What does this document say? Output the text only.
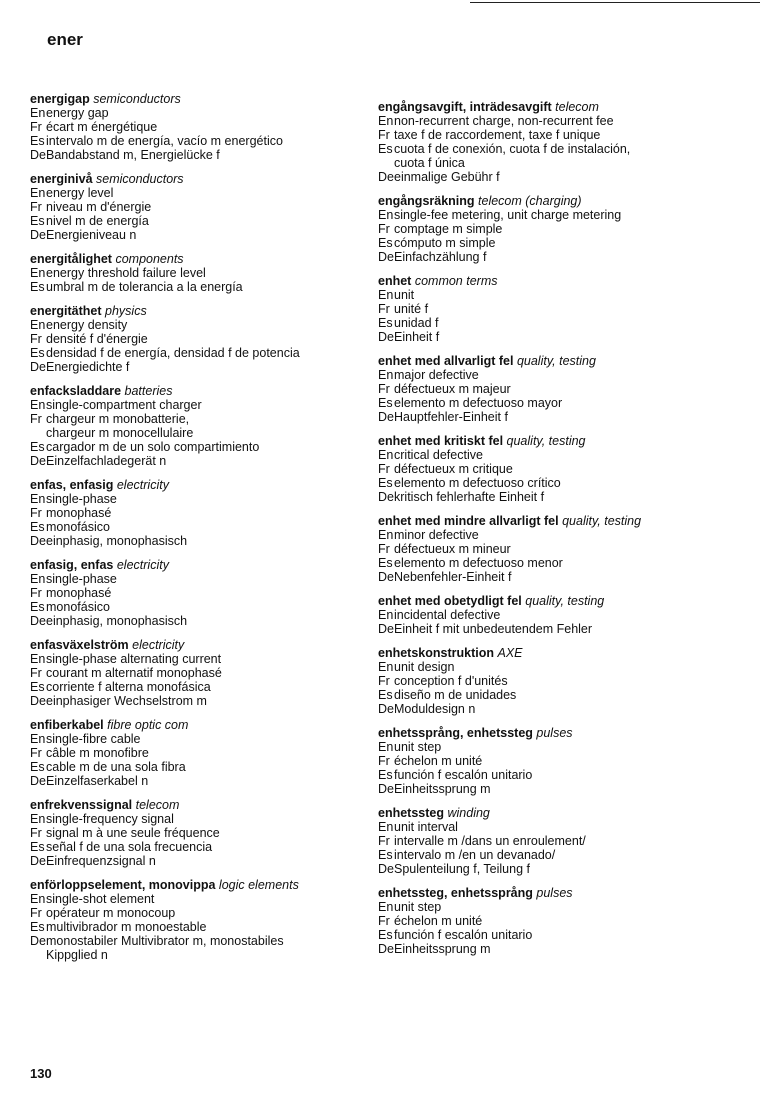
ener
energigap semiconductors
En energy gap
Fr écart m énergétique
Es intervalo m de energía, vacío m energético
De Bandabstand m, Energielücke f
energinivå semiconductors
En energy level
Fr niveau m d'énergie
Es nivel m de energía
De Energieniveau n
energitålighet components
En energy threshold failure level
Es umbral m de tolerancia a la energía
energitäthet physics
En energy density
Fr densité f d'énergie
Es densidad f de energía, densidad f de potencia
De Energiedichte f
enfacksladdare batteries
En single-compartment charger
Fr chargeur m monobatterie,
chargeur m monocellulaire
Es cargador m de un solo compartimiento
De Einzelfachladegerät n
enfas, enfasig electricity
En single-phase
Fr monophasé
Es monofásico
De einphasig, monophasisch
enfasig, enfas electricity
En single-phase
Fr monophasé
Es monofásico
De einphasig, monophasisch
enfasväxelström electricity
En single-phase alternating current
Fr courant m alternatif monophasé
Es corriente f alterna monofásica
De einphasiger Wechselstrom m
enfiberkabel fibre optic com
En single-fibre cable
Fr câble m monofibre
Es cable m de una sola fibra
De Einzelfaserkabel n
enfrekvenssignal telecom
En single-frequency signal
Fr signal m à une seule fréquence
Es señal f de una sola frecuencia
De Einfrequenzsignal n
enförloppselement, monovippa logic elements
En single-shot element
Fr opérateur m monocoup
Es multivibrador m monoestable
De monostabiler Multivibrator m, monostabiles
Kippglied n
engångsavgift, inträdesavgift telecom
En non-recurrent charge, non-recurrent fee
Fr taxe f de raccordement, taxe f unique
Es cuota f de conexión, cuota f de instalación,
cuota f única
De einmalige Gebühr f
engångsräkning telecom (charging)
En single-fee metering, unit charge metering
Fr comptage m simple
Es cómputo m simple
De Einfachzählung f
enhet common terms
En unit
Fr unité f
Es unidad f
De Einheit f
enhet med allvarligt fel quality, testing
En major defective
Fr défectueux m majeur
Es elemento m defectuoso mayor
De Hauptfehler-Einheit f
enhet med kritiskt fel quality, testing
En critical defective
Fr défectueux m critique
Es elemento m defectuoso crítico
De kritisch fehlerhafte Einheit f
enhet med mindre allvarligt fel quality, testing
En minor defective
Fr défectueux m mineur
Es elemento m defectuoso menor
De Nebenfehler-Einheit f
enhet med obetydligt fel quality, testing
En incidental defective
De Einheit f mit unbedeutendem Fehler
enhetskonstruktion AXE
En unit design
Fr conception f d'unités
Es diseño m de unidades
De Moduldesign n
enhetssprång, enhetssteg pulses
En unit step
Fr échelon m unité
Es función f escalón unitario
De Einheitssprung m
enhetssteg winding
En unit interval
Fr intervalle m /dans un enroulement/
Es intervalo m /en un devanado/
De Spulenteilung f, Teilung f
enhetssteg, enhetssprång pulses
En unit step
Fr échelon m unité
Es función f escalón unitario
De Einheitssprung m
130
